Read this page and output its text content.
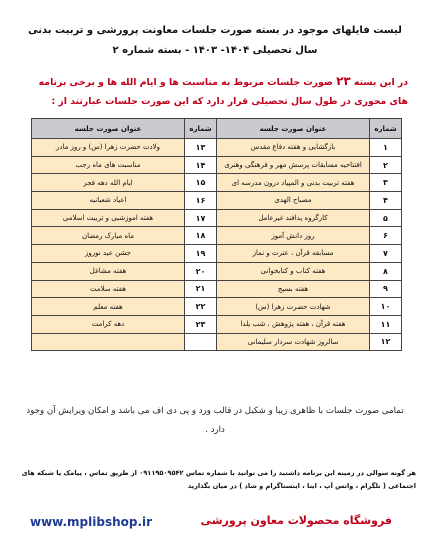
لیست فایلهای موجود در بسته صورت جلسات معاونت پرورشی و تربیت بدنی
سال تحصیلی ۱۴۰۴- ۱۴۰۳ - بسته شماره ۲
در این بسته ۲۳ صورت جلسات مربوط به مناسبت ها و ایام الله ها و برخی برنامه های محوری در طول سال تحصیلی قرار دارد که این صورت جلسات عبارتند از :
شماره	عنوان صورت جلسه	شماره	عنوان صورت جلسه
۱	بازگشایی و هفته دفاع مقدس	۱۳	ولادت حضرت زهرا (س) و روز مادر
۲	افتتاحیه مسابقات پرسش مهر و فرهنگی وهنری	۱۴	مناسبت های ماه رجب
۳	هفته تربیت بدنی و المپیاد درون مدرسه ای	۱۵	ایام الله دهه فجر
۴	مصباح الهدی	۱۶	اعیاد شعبانیه
۵	کارگروه پدافند غیرعامل	۱۷	هفته اموزشیی و تربیت اسلامی
۶	روز دانش آموز	۱۸	ماه مبارک رمضان
۷	مسابقه قرآن ، عترت و نماز	۱۹	جشن عید نوروز
۸	هفته کتاب و کتابخوانی	۲۰	هفته مشاغل
۹	هفته بسیج	۲۱	هفته سلامت
۱۰	شهادت حضرت زهرا (س)	۲۲	هفته معلم
۱۱	هفته قرآن ، هفته پژوهش ، شب یلدا	۲۳	دهه کرامت
۱۲	سالروز شهادت سردار سلیمانی		
تمامی صورت جلسات با ظاهری زیبا و شکیل در قالب ورد و پی دی اف می باشد و امکان ویرایش آن وجود دارد .
هر گونه سوالی در زمینه این برنامه داشتید را می توانید با شماره تماس ۰۹۱۱۹۵۰۹۵۴۲ از طریق تماس ، پیامک یا شبکه های اجتماعی ( تلگرام ، واتس آپ ، ایتا ، اینستاگرام و شاد ) در میان بگذارید
فروشگاه محصولات معاون پرورشی
www.mplibshop.ir
